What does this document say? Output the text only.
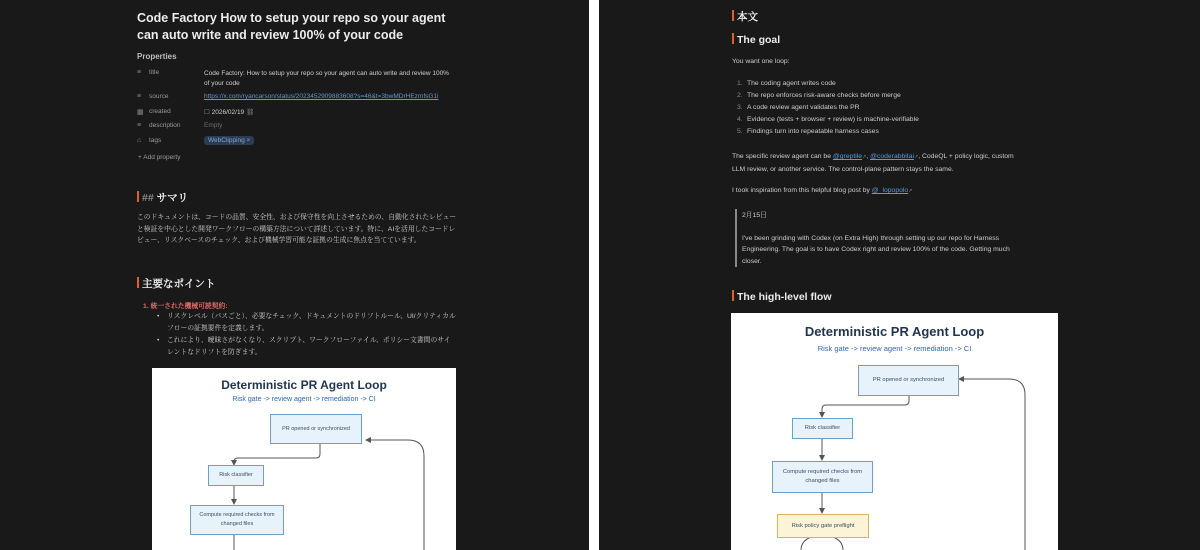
Code Factory How to setup your repo so your agent can auto write and review 100% of your code
Properties
≡	title	Code Factory: How to setup your repo so your agent can auto write and review 100% of your code
≡	source	https://x.com/ryancarson/status/2023452909883608?s=46&t=3bwMDrHEzmfsG1i
▦ created	☐ 2026/02/19 ⛓
≡	description	Empty
⌂	tags	WebClipping ×
+ Add property
## サマリ
このドキュメントは、コードの品質、安全性、および保守性を向上させるための、自動化されたレビューと検証を中心とした開発ワークフローの構築方法について詳述しています。特に、AIを活用したコードレビュー、リスクベースのチェック、および機械学習可能な証拠の生成に焦点を当てています。
主要なポイント
1. 統一された機械可読契約:
• リスクレベル（パスごと）、必要なチェック、ドキュメントのドリフトルール、UI/クリティカルフローの証拠要件を定義します。
• これにより、曖昧さがなくなり、スクリプト、ワークフローファイル、ポリシー文書間のサイレントなドリフトを防ぎます。
Deterministic PR Agent Loop
Risk gate -> review agent -> remediation -> CI
PR opened or synchronized
Risk classifier
Compute required checks from changed files
本文
The goal
You want one loop:
1. The coding agent writes code
2. The repo enforces risk-aware checks before merge
3. A code review agent validates the PR
4. Evidence (tests + browser + review) is machine-verifiable
5. Findings turn into repeatable harness cases
The specific review agent can be @greptile↗, @coderabbitai↗, CodeQL + policy logic, custom
LLM review, or another service. The control-plane pattern stays the same.
I took inspiration from this helpful blog post by @_lopopolo↗
2月15日
I've been grinding with Codex (on Extra High) through setting up our repo for Harness
Engineering. The goal is to have Codex right and review 100% of the code. Getting much
closer.
The high-level flow
Deterministic PR Agent Loop
Risk gate -> review agent -> remediation -> CI
PR opened or synchronized
Risk classifier
Compute required checks from changed files
Risk policy gate preflight
